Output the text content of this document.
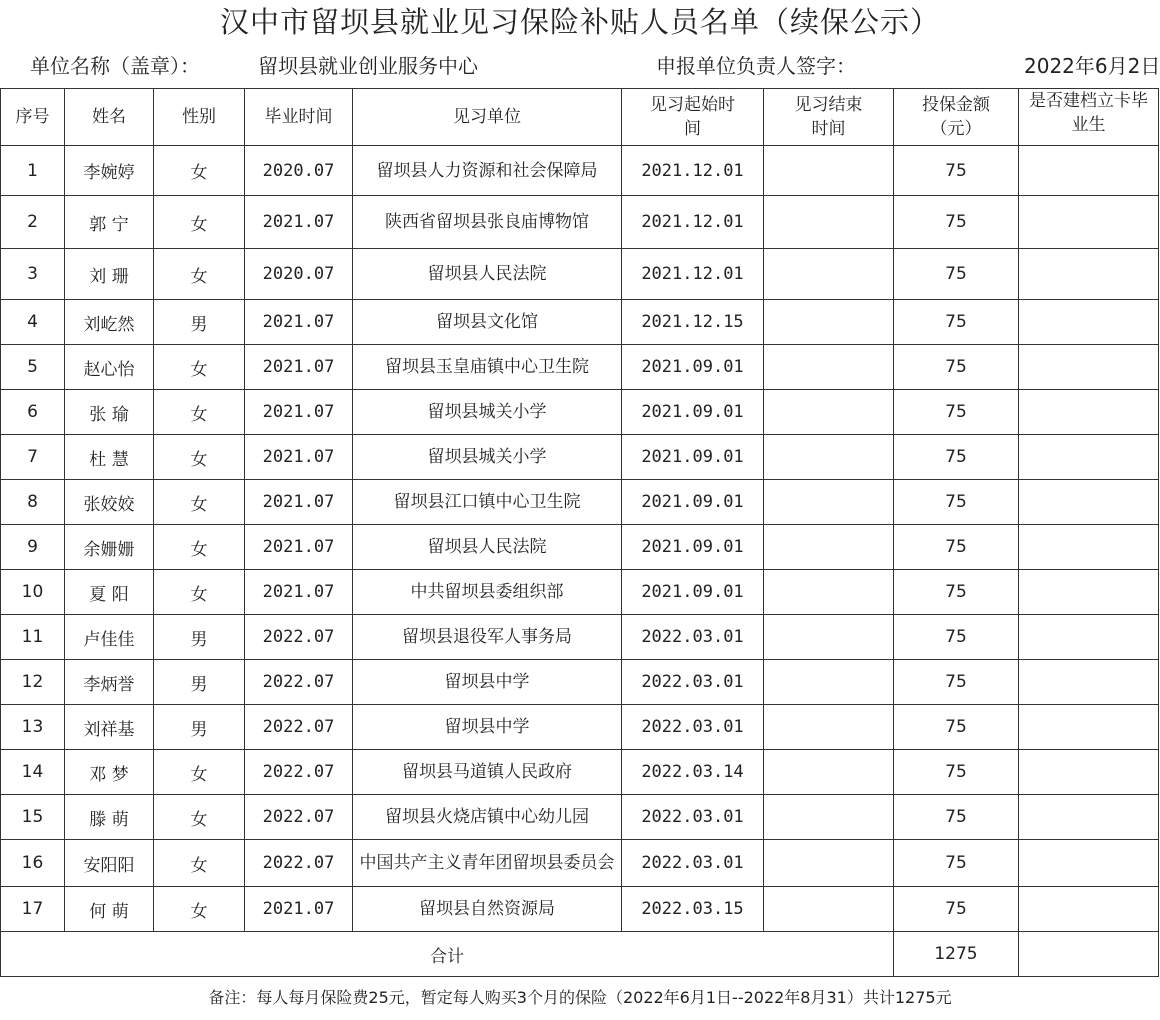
汉中市留坝县就业见习保险补贴人员名单（续保公示）
单位名称（盖章）：	留坝县就业创业服务中心	申报单位负责人签字：	2022年6月2日
序号	姓名	性别	毕业时间	见习单位	见习起始时间	见习结束时间	投保金额（元）	是否建档立卡毕业生
1	李婉婷	女	2020.07	留坝县人力资源和社会保障局	2021.12.01		75	
2	郭 宁	女	2021.07	陕西省留坝县张良庙博物馆	2021.12.01		75	
3	刘 珊	女	2020.07	留坝县人民法院	2021.12.01		75	
4	刘屹然	男	2021.07	留坝县文化馆	2021.12.15		75	
5	赵心怡	女	2021.07	留坝县玉皇庙镇中心卫生院	2021.09.01		75	
6	张 瑜	女	2021.07	留坝县城关小学	2021.09.01		75	
7	杜 慧	女	2021.07	留坝县城关小学	2021.09.01		75	
8	张姣姣	女	2021.07	留坝县江口镇中心卫生院	2021.09.01		75	
9	余姗姗	女	2021.07	留坝县人民法院	2021.09.01		75	
10	夏 阳	女	2021.07	中共留坝县委组织部	2021.09.01		75	
11	卢佳佳	男	2022.07	留坝县退役军人事务局	2022.03.01		75	
12	李炳誉	男	2022.07	留坝县中学	2022.03.01		75	
13	刘祥基	男	2022.07	留坝县中学	2022.03.01		75	
14	邓 梦	女	2022.07	留坝县马道镇人民政府	2022.03.14		75	
15	滕 萌	女	2022.07	留坝县火烧店镇中心幼儿园	2022.03.01		75	
16	安阳阳	女	2022.07	中国共产主义青年团留坝县委员会	2022.03.01		75	
17	何 萌	女	2021.07	留坝县自然资源局	2022.03.15		75	
合计							1275	
备注：每人每月保险费25元，暂定每人购买3个月的保险（2022年6月1日--2022年8月31）共计1275元
